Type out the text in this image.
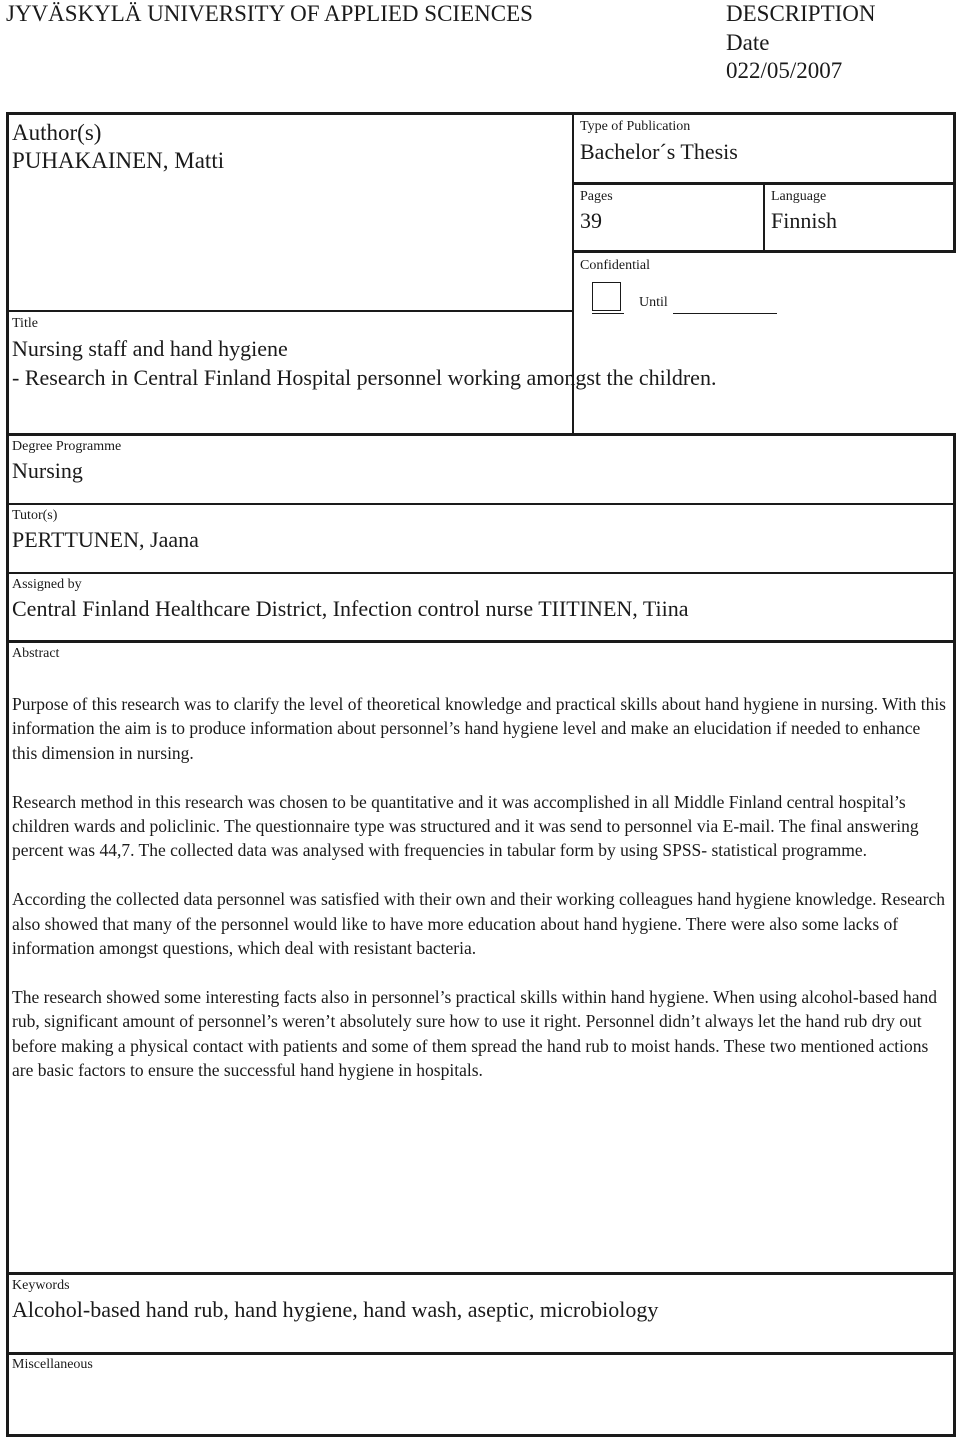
JYVÄSKYLÄ UNIVERSITY OF APPLIED SCIENCES	DESCRIPTION
Date
022/05/2007
Author(s)
PUHAKAINEN, Matti
Type of Publication
Bachelor´s Thesis
Pages
39
Language
Finnish
Confidential
Until
Title
Nursing staff and hand hygiene
- Research in Central Finland Hospital personnel working amongst the children.
Degree Programme
Nursing
Tutor(s)
PERTTUNEN, Jaana
Assigned by
Central Finland Healthcare District, Infection control nurse TIITINEN, Tiina
Abstract

Purpose of this research was to clarify the level of theoretical knowledge and practical skills about hand hygiene in nursing. With this information the aim is to produce information about personnel’s hand hygiene level and make an elucidation if needed to enhance this dimension in nursing.

Research method in this research was chosen to be quantitative and it was accomplished in all Middle Finland central hospital’s children wards and policlinic. The questionnaire type was structured and it was send to personnel via E-mail. The final answering percent was 44,7. The collected data was analysed with frequencies in tabular form by using SPSS- statistical programme.

According the collected data personnel was satisfied with their own and their working colleagues hand hygiene knowledge. Research also showed that many of the personnel would like to have more education about hand hygiene. There were also some lacks of information amongst questions, which deal with resistant bacteria.

The research showed some interesting facts also in personnel’s practical skills within hand hygiene. When using alcohol-based hand rub, significant amount of personnel’s weren’t absolutely sure how to use it right. Personnel didn’t always let the hand rub dry out before making a physical contact with patients and some of them spread the hand rub to moist hands. These two mentioned actions are basic factors to ensure the successful hand hygiene in hospitals.

Keywords
Alcohol-based hand rub, hand hygiene, hand wash, aseptic, microbiology
Miscellaneous
